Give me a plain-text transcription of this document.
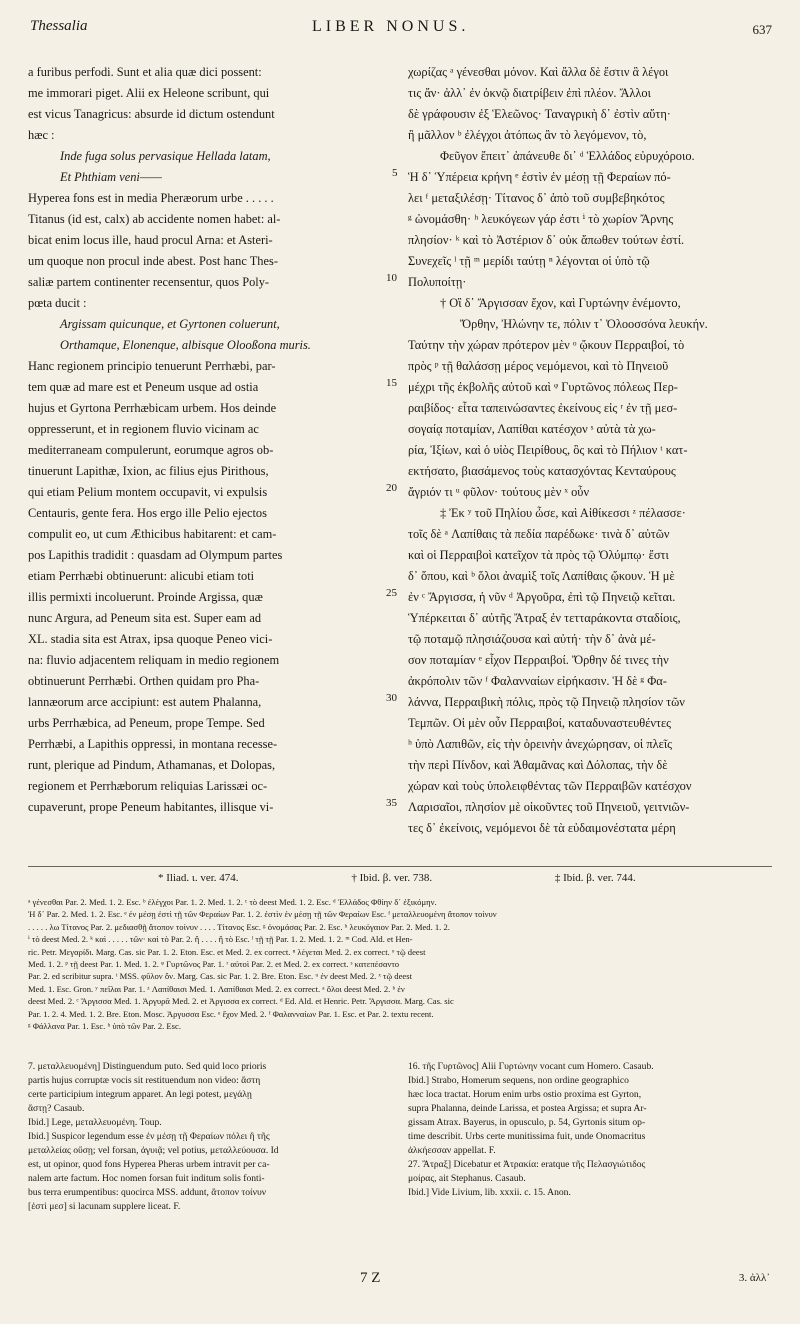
Thessalia	LIBER NONUS.	637
a furibus perfodi. Sunt et alia quæ dici possent:
me immorari piget. Alii ex Heleone scribunt, qui
est vicus Tanagricus: absurde id dictum ostendunt
hæc :
Inde fuga solus pervasique Hellada latam,
Et Phthiam veni——
Hyperea fons est in media Pheræorum urbe . . . . .
Titanus (id est, calx) ab accidente nomen habet: al-
bicat enim locus ille, haud procul Arna: et Asteri-
um quoque non procul inde abest. Post hanc Thes-
saliæ partem continenter recensentur, quos Poly-
pœta ducit :
Argissam quicunque, et Gyrtonen coluerunt,
Orthamque, Elonenque, albisque Olooßona muris.
Hanc regionem principio tenuerunt Perrhæbi, par-
tem quæ ad mare est et Peneum usque ad ostia
hujus et Gyrtona Perrhæbicam urbem. Hos deinde
oppresserunt, et in regionem fluvio vicinam ac
mediterraneam compulerunt, eorumque agros ob-
tinuerunt Lapithæ, Ixion, ac filius ejus Pirithous,
qui etiam Pelium montem occupavit, vi expulsis
Centauris, gente fera. Hos ergo ille Pelio ejectos
compulit eo, ut cum Æthicibus habitarent: et cam-
pos Lapithis tradidit : quasdam ad Olympum partes
etiam Perrhæbi obtinuerunt: alicubi etiam toti
illis permixti incoluerunt. Proinde Argissa, quæ
nunc Argura, ad Peneum sita est. Super eam ad
XL. stadia sita est Atrax, ipsa quoque Peneo vici-
na: fluvio adjacentem reliquam in medio regionem
obtinuerunt Perrhæbi. Orthen quidam pro Pha-
lannæorum arce accipiunt: est autem Phalanna,
urbs Perrhæbica, ad Peneum, prope Tempe. Sed
Perrhæbi, a Lapithis oppressi, in montana recesse-
runt, plerique ad Pindum, Athamanas, et Dolopas,
regionem et Perrhæborum reliquias Larissæi oc-
cupaverunt, prope Peneum habitantes, illisque vi-
5
10
15
20
25
30
35
χωρίζας ᵃ γένεσθαι μόνον. Καὶ ἄλλα δὲ ἔστιν ἃ λέγοι
τις ἄν· ἀλλ᾽ ἐν ὀκνῷ διατρίβειν ἐπὶ πλέον. Ἄλλοι
δὲ γράφουσιν ἐξ Ἑλεῶνος· Ταναγρικὴ δ᾽ ἐστὶν αὕτη·
ἢ μᾶλλον ᵇ ἐλέγχοι ἀτόπως ἂν τὸ λεγόμενον, τὸ,
Φεῦγον ἔπειτ᾽ ἀπάνευθε δι᾽ ᵈ Ἑλλάδος εὐρυχόροιο.
Ἡ δ᾽ Ὑπέρεια κρήνη ᵉ ἐστὶν ἐν μέσῃ τῇ Φεραίων πό-
λει ᶠ μεταξιλέσῃ· Τίτανος δ᾽ ἀπὸ τοῦ συμβεβηκότος
ᵍ ὠνομάσθη· ʰ λευκόγεων γάρ ἐστι ⁱ τὸ χωρίον Ἄρνης
πλησίον· ᵏ καὶ τὸ Ἀστέριον δ᾽ οὐκ ἄπωθεν τούτων ἐστί.
Συνεχεῖς ˡ τῇ ᵐ μερίδι ταύτῃ ⁿ λέγονται οἱ ὑπὸ τῷ
Πολυποίτῃ·
† Οἳ δ᾽ Ἄργισσαν ἔχον, καὶ Γυρτώνην ἐνέμοντο,
Ὄρθην, Ἠλώνην τε, πόλιν τ᾽ Ὀλοοσσόνα λευκήν.
Ταύτην τὴν χώραν πρότερον μὲν ᵒ ᾤκουν Περραιβοί, τὸ
πρὸς ᵖ τῇ θαλάσσῃ μέρος νεμόμενοι, καὶ τὸ Πηνειοῦ
μέχρι τῆς ἐκβολῆς αὐτοῦ καὶ ᵠ Γυρτῶνος πόλεως Περ-
ραιβίδος· εἶτα ταπεινώσαντες ἐκείνους εἰς ʳ ἐν τῇ μεσ-
σογαίᾳ ποταμίαν, Λαπίθαι κατέσχον ˢ αὐτὰ τὰ χω-
ρία, Ἰξίων, καὶ ὁ υἱὸς Πειρίθους, ὃς καὶ τὸ Πήλιον ᵗ κατ-
εκτήσατο, βιασάμενος τοὺς κατασχόντας Κενταύρους
ἄγριόν τι ᵘ φῦλον· τούτους μὲν ˣ οὖν
‡ Ἐκ ʸ τοῦ Πηλίου ὦσε, καὶ Αἰθίκεσσι ᶻ πέλασσε·
τοῖς δὲ ᵃ Λαπίθαις τὰ πεδία παρέδωκε· τινὰ δ᾽ αὐτῶν
καὶ οἱ Περραιβοὶ κατεῖχον τὰ πρὸς τῷ Ὀλύμπῳ· ἔστι
δ᾽ ὅπου, καὶ ᵇ ὅλοι ἀναμὶξ τοῖς Λαπίθαις ᾤκουν. Ἡ μὲ
ἐν ᶜ Ἄργισσα, ἡ νῦν ᵈ Ἀργοῦρα, ἐπὶ τῷ Πηνειῷ κεῖται.
Ὑπέρκειται δ᾽ αὐτῆς Ἄτραξ ἐν τετταράκοντα σταδίοις,
τῷ ποταμῷ πλησιάζουσα καὶ αὐτή· τὴν δ᾽ ἀνὰ μέ-
σον ποταμίαν ᵉ εἶχον Περραιβοί. Ὄρθην δέ τινες τὴν
ἀκρόπολιν τῶν ᶠ Φαλανναίων εἰρήκασιν. Ἡ δὲ ᵍ Φα-
λάννα, Περραιβικὴ πόλις, πρὸς τῷ Πηνειῷ πλησίον τῶν
Τεμπῶν. Οἱ μὲν οὖν Περραιβοί, καταδυναστευθέντες
ʰ ὑπὸ Λαπιθῶν, εἰς τὴν ὀρεινὴν ἀνεχώρησαν, οἱ πλεῖς
τὴν περὶ Πίνδον, καὶ Ἀθαμᾶνας καὶ Δόλοπας, τὴν δὲ
χώραν καὶ τοὺς ὑπολειφθέντας τῶν Περραιβῶν κατέσχον
Λαρισαῖοι, πλησίον μὲ οἰκοῦντες τοῦ Πηνειοῦ, γειτνιῶν-
τες δ᾽ ἐκείνοις, νεμόμενοι δὲ τὰ εὐδαιμονέστατα μέρη
* Iliad. ι. ver. 474.	† Ibid. β. ver. 738.	‡ Ibid. β. ver. 744.
ᵃ γένεσθαι Par. 2. Med. 1. 2. Esc. ᵇ ἐλέγχοι Par. 1. 2. Med. 1. 2. ᶜ τὸ deest Med. 1. 2. Esc. ᵈ Ἑλλάδος Φθίην δ᾽ ἐξικόμην.
Ἡ δ᾽ Par. 2. Med. 1. 2. Esc. ᵉ ἐν μέσῃ ἐστὶ τῇ τῶν Φεραίων Par. 1. 2. ἐστὶν ἐν μέσῃ τῇ τῶν Φεραίων Esc. ᶠ μεταλλευομένη ἄτοπον τοίνυν
. . . . . λω Τίτανος Par. 2. μεδιασθῇ ἄτοπον τοίνυν . . . . Τίτανος Esc. ᵍ ὀνομάσας Par. 2. Esc. ʰ λευκόγαιον Par. 2. Med. 1. 2.
ⁱ τὸ deest Med. 2. ᵏ καὶ . . . . . τῶν· καὶ τὸ Par. 2. ἢ . . . . ἢ τὸ Esc. ˡ τῇ τῇ Par. 1. 2. Med. 1. 2. ᵐ Cod. Ald. et Hen-
ric. Petr. Μεγαρίδι. Marg. Cas. sic Par. 1. 2. Eton. Esc. et Med. 2. ex correct. ⁿ λέγεται Med. 2. ex correct. ᵒ τῷ deest
Med. 1. 2. ᵖ τῇ deest Par. 1. Med. 1. 2. ᵠ Γυρτῶνος Par. 1. ʳ αὐτοὶ Par. 2. et Med. 2. ex correct. ˢ κατεπέσαντο
Par. 2. ed scribitur supra. ᵗ MSS. φῦλον ὄν. Marg. Cas. sic Par. 1. 2. Bre. Eton. Esc. ᵘ ἐν deest Med. 2. ˣ τῷ deest
Med. 1. Esc. Gron. ʸ πεῖλαι Par. 1. ᶻ Λαπίθαισι Med. 1. Λαπίθαισι Med. 2. ex correct. ᵃ ὅλοι deest Med. 2. ᵇ ἐν
deest Med. 2. ᶜ Ἄργισσα Med. 1. Ἀργυρᾶ Med. 2. et Ἀργισσα ex correct. ᵈ Ed. Ald. et Henric. Petr. Ἄργισσα. Marg. Cas. sic
Par. 1. 2. 4. Med. 1. 2. Bre. Eton. Mosc. Ἀργυσσα Esc. ᵉ ἔχον Med. 2. ᶠ Φαλανναίων Par. 1. Esc. et Par. 2. textu recent.
ᵍ Φάλλανα Par. 1. Esc. ʰ ὑπὸ τῶν Par. 2. Esc.
7. μεταλλευομένη] Distinguendum puto. Sed quid loco prioris
partis hujus corruptæ vocis sit restituendum non video: ἄστη
certe participium integrum apparet. An legi potest, μεγάλῃ
ἄστῃ? Casaub.
Ibid.] Lege, μεταλλευομένη. Toup.
Ibid.] Suspicor legendum esse ἐν μέσῃ τῇ Φεραίων πόλει ἢ τῆς
μεταλλείας οὔσῃ; vel forsan, ἀγυιᾷ; vel potius, μεταλλεύουσα. Id
est, ut opinor, quod fons Hyperea Pheras urbem intravit per ca-
nalem arte factum. Hoc nomen forsan fuit inditum solis fonti-
bus terra erumpentibus: quocirca MSS. addunt, ἄτοπον τοίνυν
[ἐστὶ μεσ] si lacunam supplere liceat. F.
16. τῆς Γυρτῶνος] Alii Γυρτώνην vocant cum Homero. Casaub.
Ibid.] Strabo, Homerum sequens, non ordine geographico
hæc loca tractat. Horum enim urbs ostio proxima est Gyrton,
supra Phalanna, deinde Larissa, et postea Argissa; et supra Ar-
gissam Atrax. Bayerus, in opusculo, p. 54, Gyrtonis situm op-
time describit. Urbs certe munitissima fuit, unde Onomacritus
ἀλκήεσσαν appellat. F.
27. Ἄτραξ] Dicebatur et Ἀτρακία: eratque τῆς Πελασγιώτιδος
μοίρας, ait Stephanus. Casaub.
Ibid.] Vide Livium, lib. xxxii. c. 15. Anon.
7 Z	3. ἀλλ᾽
